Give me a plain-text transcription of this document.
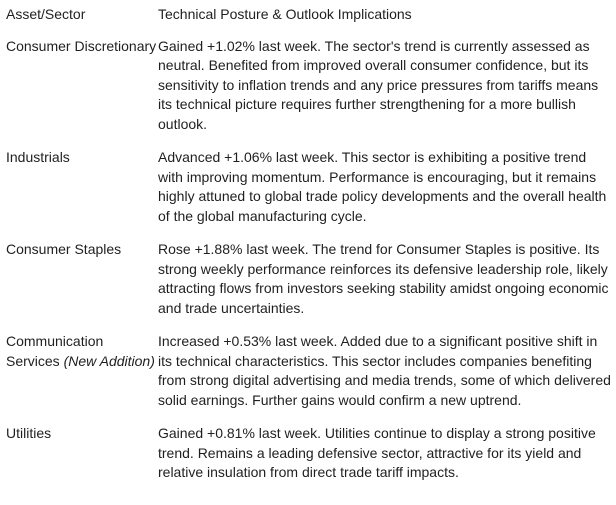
Asset/Sector	Technical Posture & Outlook Implications
Consumer Discretionary	Gained +1.02% last week. The sector's trend is currently assessed as neutral. Benefited from improved overall consumer confidence, but its sensitivity to inflation trends and any price pressures from tariffs means its technical picture requires further strengthening for a more bullish outlook.
Industrials	Advanced +1.06% last week. This sector is exhibiting a positive trend with improving momentum. Performance is encouraging, but it remains highly attuned to global trade policy developments and the overall health of the global manufacturing cycle.
Consumer Staples	Rose +1.88% last week. The trend for Consumer Staples is positive. Its strong weekly performance reinforces its defensive leadership role, likely attracting flows from investors seeking stability amidst ongoing economic and trade uncertainties.
Communication Services (New Addition)	Increased +0.53% last week. Added due to a significant positive shift in its technical characteristics. This sector includes companies benefiting from strong digital advertising and media trends, some of which delivered solid earnings. Further gains would confirm a new uptrend.
Utilities	Gained +0.81% last week. Utilities continue to display a strong positive trend. Remains a leading defensive sector, attractive for its yield and relative insulation from direct trade tariff impacts.
